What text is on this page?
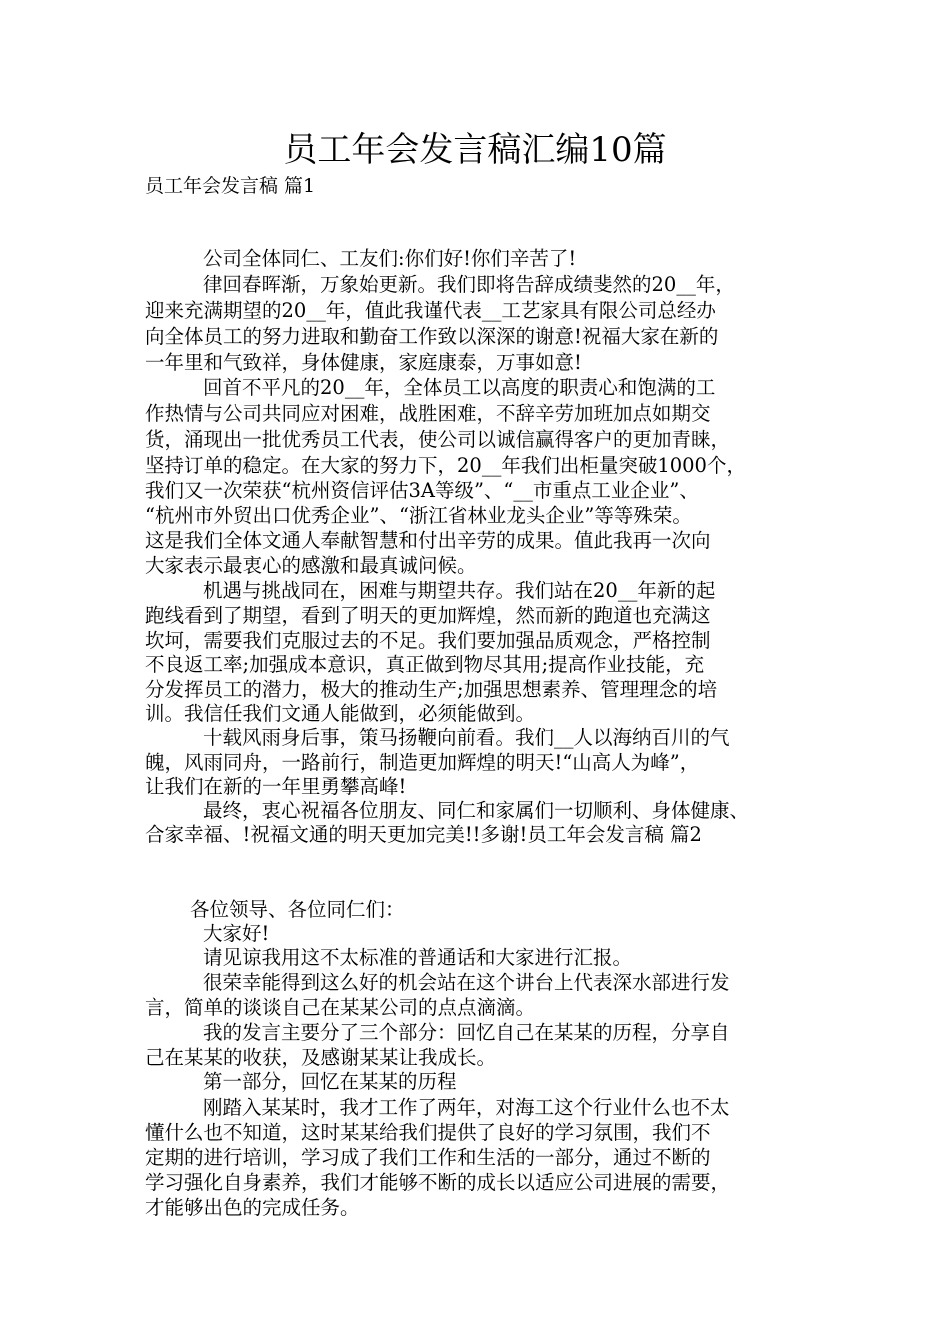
员工年会发言稿汇编10篇
员工年会发言稿 篇1
公司全体同仁、工友们:你们好!你们辛苦了!
律回春晖渐，万象始更新。我们即将告辞成绩斐然的20__年，
迎来充满期望的20__年，值此我谨代表__工艺家具有限公司总经办
向全体员工的努力进取和勤奋工作致以深深的谢意!祝福大家在新的
一年里和气致祥，身体健康，家庭康泰，万事如意!
回首不平凡的20__年，全体员工以高度的职责心和饱满的工
作热情与公司共同应对困难，战胜困难，不辞辛劳加班加点如期交
货，涌现出一批优秀员工代表，使公司以诚信赢得客户的更加青睐，
坚持订单的稳定。在大家的努力下，20__年我们出柜量突破1000个，
我们又一次荣获“杭州资信评估3A等级”、“__市重点工业企业”、
“杭州市外贸出口优秀企业”、“浙江省林业龙头企业”等等殊荣。
这是我们全体文通人奉献智慧和付出辛劳的成果。值此我再一次向
大家表示最衷心的感激和最真诚问候。
机遇与挑战同在，困难与期望共存。我们站在20__年新的起
跑线看到了期望，看到了明天的更加辉煌，然而新的跑道也充满这
坎坷，需要我们克服过去的不足。我们要加强品质观念，严格控制
不良返工率;加强成本意识，真正做到物尽其用;提高作业技能，充
分发挥员工的潜力，极大的推动生产;加强思想素养、管理理念的培
训。我信任我们文通人能做到，必须能做到。
十载风雨身后事，策马扬鞭向前看。我们__人以海纳百川的气
魄，风雨同舟，一路前行，制造更加辉煌的明天!“山高人为峰”，
让我们在新的一年里勇攀高峰!
最终，衷心祝福各位朋友、同仁和家属们一切顺利、身体健康、
合家幸福、!祝福文通的明天更加完美!!多谢!员工年会发言稿 篇2
各位领导、各位同仁们：
大家好!
请见谅我用这不太标准的普通话和大家进行汇报。
很荣幸能得到这么好的机会站在这个讲台上代表深水部进行发
言，简单的谈谈自己在某某公司的点点滴滴。
我的发言主要分了三个部分：回忆自己在某某的历程，分享自
己在某某的收获，及感谢某某让我成长。
第一部分，回忆在某某的历程
刚踏入某某时，我才工作了两年，对海工这个行业什么也不太
懂什么也不知道，这时某某给我们提供了良好的学习氛围，我们不
定期的进行培训，学习成了我们工作和生活的一部分，通过不断的
学习强化自身素养，我们才能够不断的成长以适应公司进展的需要，
才能够出色的完成任务。
